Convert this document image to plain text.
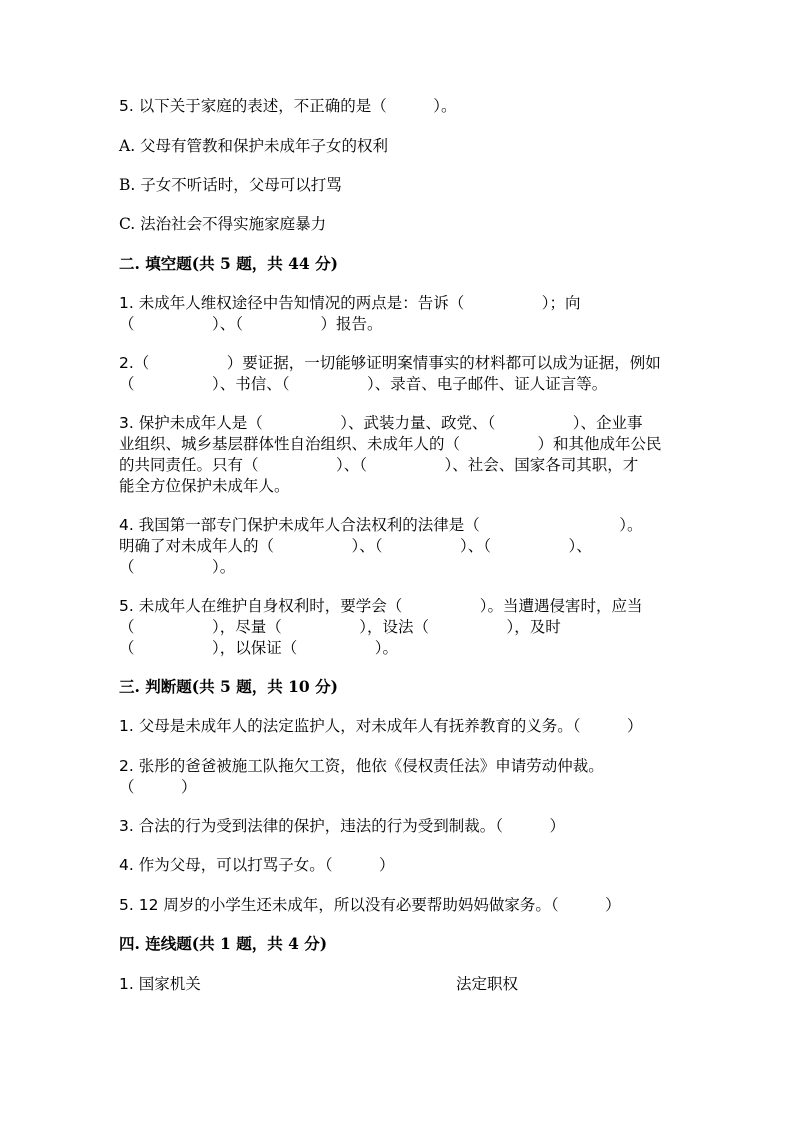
5. 以下关于家庭的表述，不正确的是（　　　）。
A. 父母有管教和保护未成年子女的权利
B. 子女不听话时，父母可以打骂
C. 法治社会不得实施家庭暴力
二. 填空题(共 5 题，共 44 分)
1. 未成年人维权途径中告知情况的两点是：告诉（　　　　　）；向
（　　　　　）、（　　　　　）报告。
2.（　　　　　）要证据，一切能够证明案情事实的材料都可以成为证据，例如
（　　　　　）、书信、（　　　　　）、录音、电子邮件、证人证言等。
3. 保护未成年人是（　　　　　）、武装力量、政党、（　　　　　）、企业事
业组织、城乡基层群体性自治组织、未成年人的（　　　　　）和其他成年公民
的共同责任。只有（　　　　　）、（　　　　　）、社会、国家各司其职，才
能全方位保护未成年人。
4. 我国第一部专门保护未成年人合法权利的法律是（　　　　　　　　　）。
明确了对未成年人的（　　　　　）、（　　　　　）、（　　　　　）、
（　　　　　）。
5. 未成年人在维护自身权利时，要学会（　　　　　）。当遭遇侵害时，应当
（　　　　　），尽量（　　　　　），设法（　　　　　），及时
（　　　　　），以保证（　　　　　）。
三. 判断题(共 5 题，共 10 分)
1. 父母是未成年人的法定监护人，对未成年人有抚养教育的义务。（　　　）
2. 张彤的爸爸被施工队拖欠工资，他依《侵权责任法》申请劳动仲裁。
（　　　）
3. 合法的行为受到法律的保护，违法的行为受到制裁。（　　　）
4. 作为父母，可以打骂子女。（　　　）
5. 12 周岁的小学生还未成年，所以没有必要帮助妈妈做家务。（　　　）
四. 连线题(共 1 题，共 4 分)
1. 国家机关	法定职权
